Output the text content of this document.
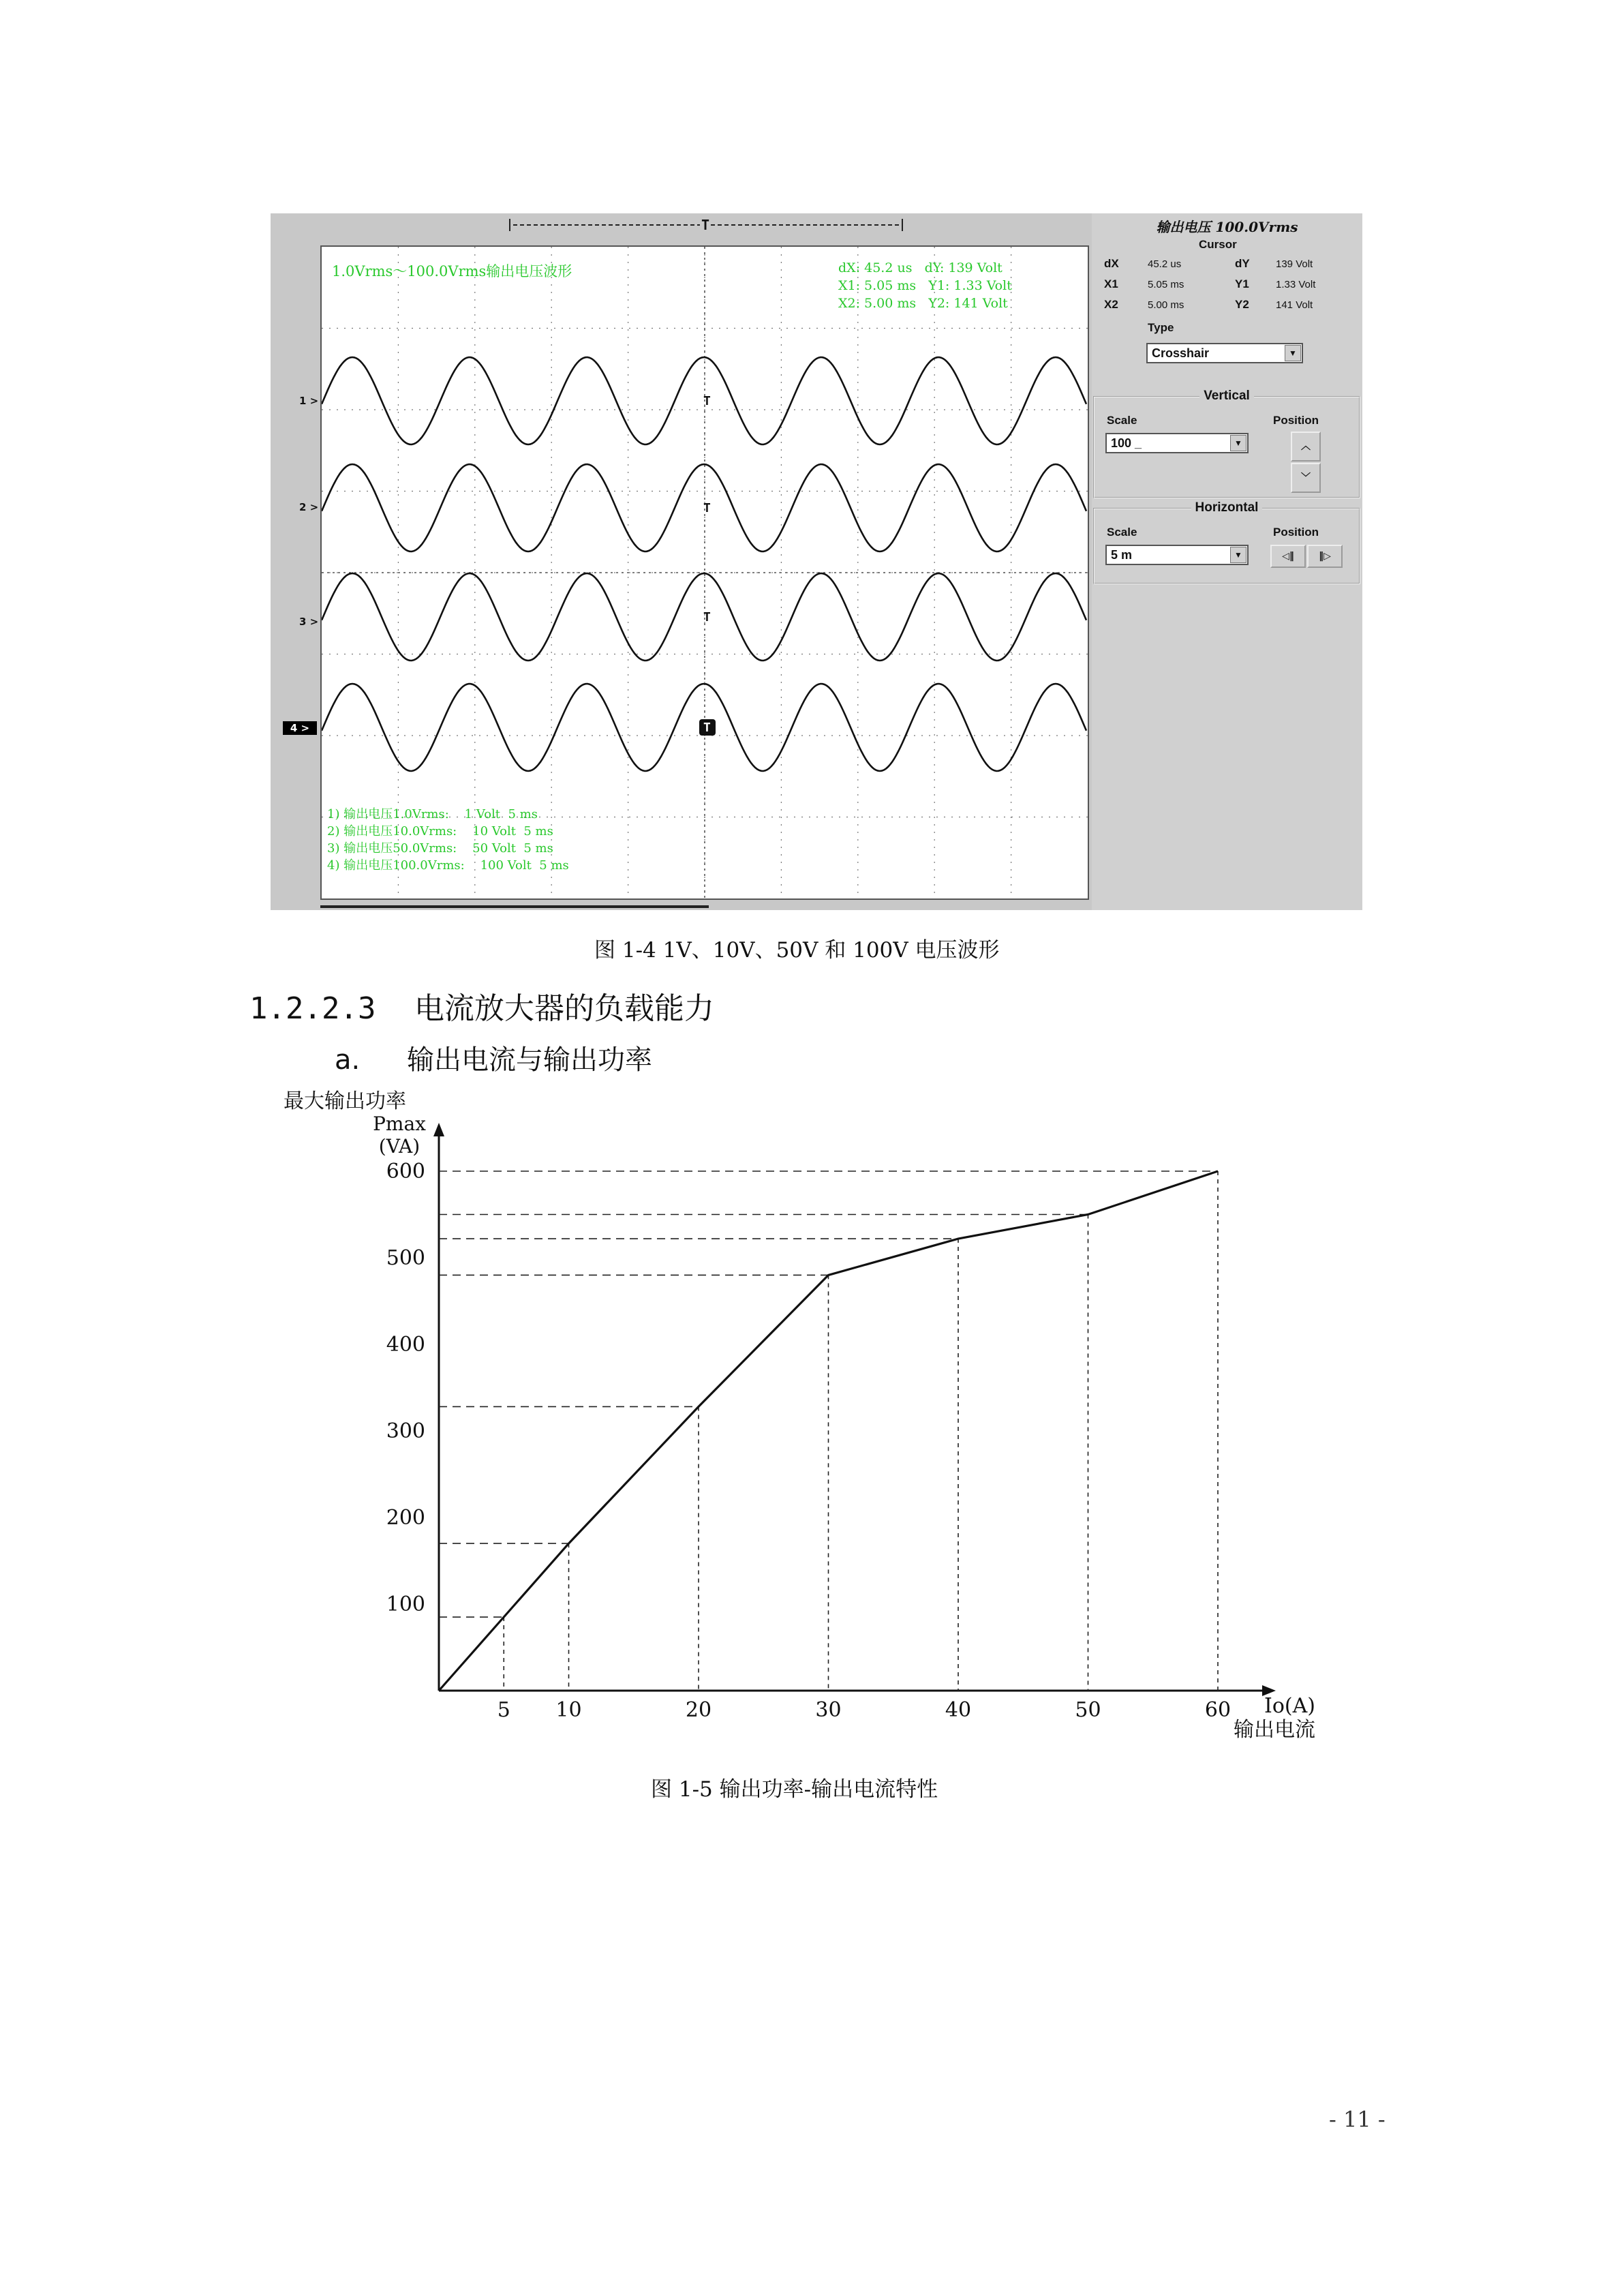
T
T
T
T
T
1.0Vrms～100.0Vrms输出电压波形	dX: 45.2 us   dY: 139 Volt
X1: 5.05 ms   Y1: 1.33 Volt
X2: 5.00 ms   Y2: 141 Volt
1) 输出电压1.0Vrms:    1 Volt  5 ms
2) 输出电压10.0Vrms:    10 Volt  5 ms
3) 输出电压50.0Vrms:    50 Volt  5 ms
4) 输出电压100.0Vrms:    100 Volt  5 ms
1 >
2 >
3 >
4 >
输出电压 100.0Vrms
Cursor
dX	45.2 us	dY	139 Volt
X1	5.05 ms	Y1	1.33 Volt
X2	5.00 ms	Y2	141 Volt
Type
Crosshair	▼
Vertical
Scale	Position
100 _	▼	︿
﹀
Horizontal
Scale	Position
5 m	▼	◁‖	‖▷
图 1-4 1V、10V、50V 和 100V 电压波形
1.2.2.3 电流放大器的负载能力
a. 输出电流与输出功率
100
200
300
400
500
600
5 10	20	30	40	50	60
最大输出功率
Pmax
(VA)
Io(A)
输出电流
图 1-5 输出功率-输出电流特性
- 11 -
